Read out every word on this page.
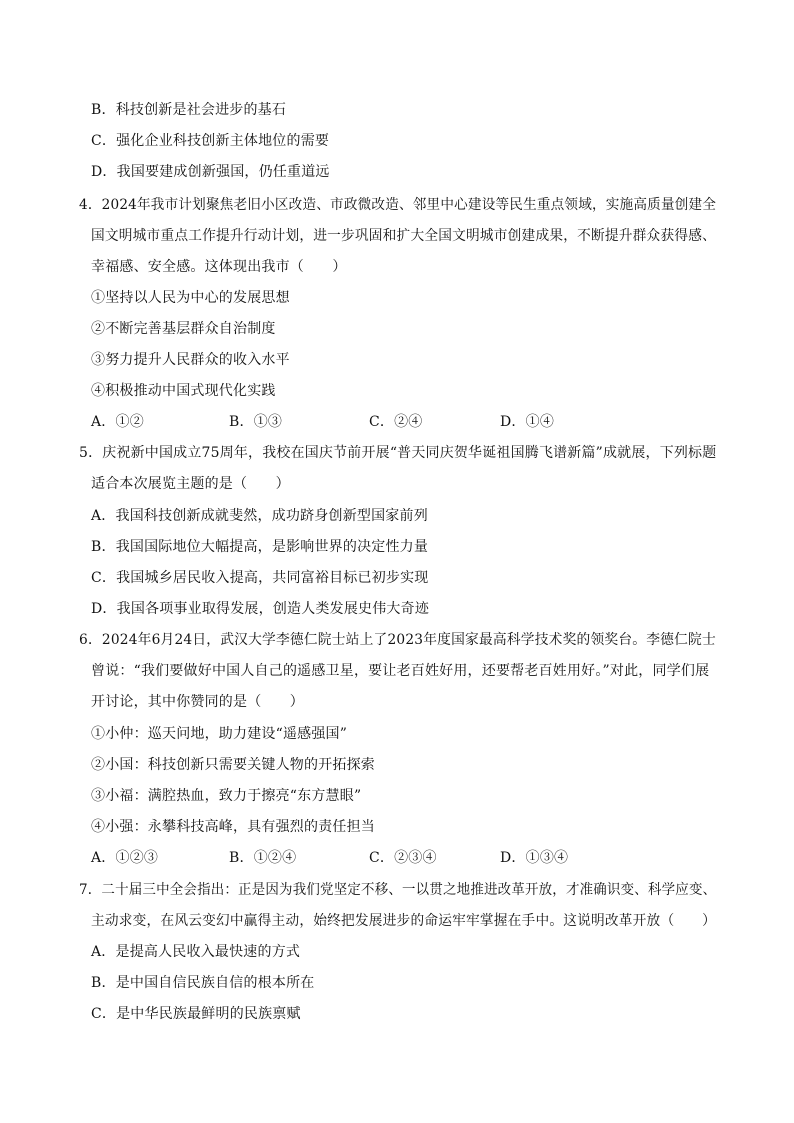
B．科技创新是社会进步的基石
C．强化企业科技创新主体地位的需要
D．我国要建成创新强国，仍任重道远
4．2024年我市计划聚焦老旧小区改造、市政微改造、邻里中心建设等民生重点领域，实施高质量创建全
国文明城市重点工作提升行动计划，进一步巩固和扩大全国文明城市创建成果，不断提升群众获得感、
幸福感、安全感。这体现出我市（　　）
①坚持以人民为中心的发展思想
②不断完善基层群众自治制度
③努力提升人民群众的收入水平
④积极推动中国式现代化实践
A．①②	B．①③	C．②④	D．①④
5．庆祝新中国成立75周年，我校在国庆节前开展“普天同庆贺华诞祖国腾飞谱新篇”成就展，下列标题
适合本次展览主题的是（　　）
A．我国科技创新成就斐然，成功跻身创新型国家前列
B．我国国际地位大幅提高，是影响世界的决定性力量
C．我国城乡居民收入提高，共同富裕目标已初步实现
D．我国各项事业取得发展，创造人类发展史伟大奇迹
6．2024年6月24日，武汉大学李德仁院士站上了2023年度国家最高科学技术奖的领奖台。李德仁院士
曾说：“我们要做好中国人自己的遥感卫星，要让老百姓好用，还要帮老百姓用好。”对此，同学们展
开讨论，其中你赞同的是（　　）
①小仲：巡天问地，助力建设“遥感强国”
②小国：科技创新只需要关键人物的开拓探索
③小福：满腔热血，致力于擦亮“东方慧眼”
④小强：永攀科技高峰，具有强烈的责任担当
A．①②③	B．①②④	C．②③④	D．①③④
7．二十届三中全会指出：正是因为我们党坚定不移、一以贯之地推进改革开放，才准确识变、科学应变、
主动求变，在风云变幻中赢得主动，始终把发展进步的命运牢牢掌握在手中。这说明改革开放（　　）
A．是提高人民收入最快速的方式
B．是中国自信民族自信的根本所在
C．是中华民族最鲜明的民族禀赋
